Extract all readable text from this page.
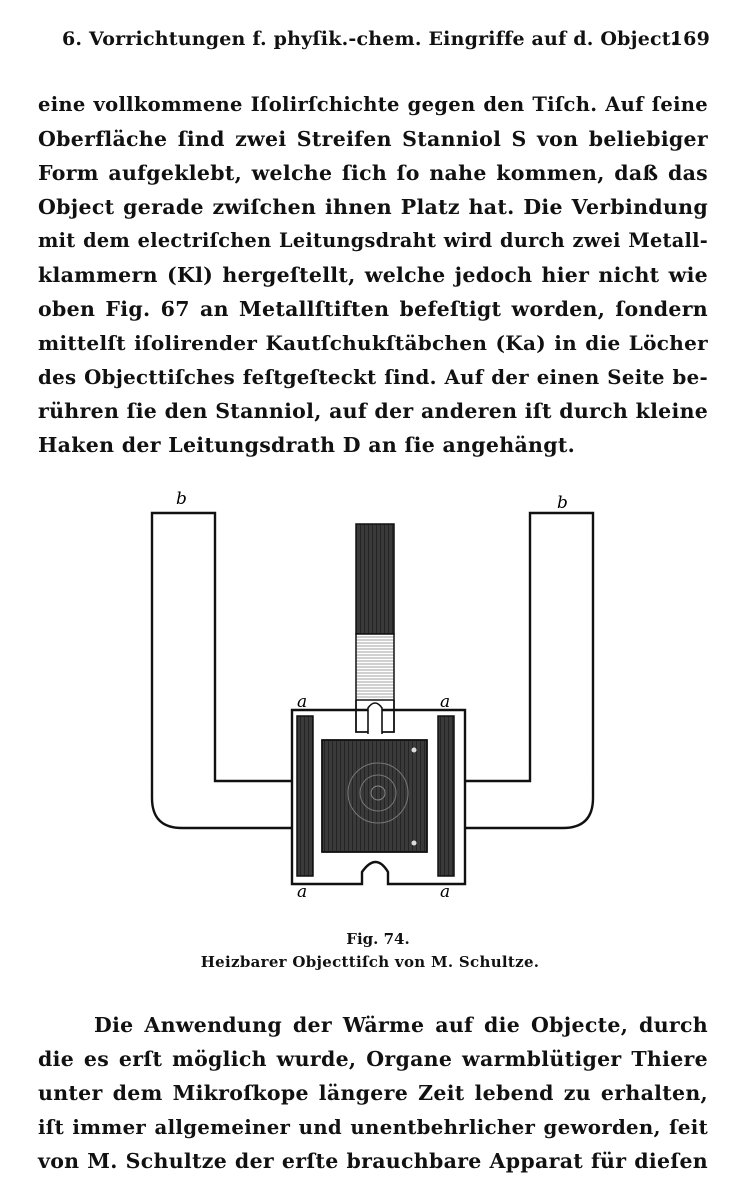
6. Vorrichtungen f. phyſik.-chem. Eingriffe auf d. Object.
169
eine vollkommene Iſolirſchichte gegen den Tiſch. Auf ſeine
Oberfläche ſind zwei Streifen Stanniol S von beliebiger
Form aufgeklebt, welche ſich ſo nahe kommen, daß das
Object gerade zwiſchen ihnen Platz hat. Die Verbindung
mit dem electriſchen Leitungsdraht wird durch zwei Metall-
klammern (Kl) hergeſtellt, welche jedoch hier nicht wie
oben Fig. 67 an Metallſtiften befeſtigt worden, ſondern
mittelſt iſolirender Kautſchukſtäbchen (Ka) in die Löcher
des Objecttiſches feſtgeſteckt ſind. Auf der einen Seite be-
rühren ſie den Stanniol, auf der anderen iſt durch kleine
Haken der Leitungsdrath D an ſie angehängt.
b	b
a	a
a	a
Fig. 74.
Heizbarer Objecttiſch von M. Schultze.
Die Anwendung der Wärme auf die Objecte, durch
die es erſt möglich wurde, Organe warmblütiger Thiere
unter dem Mikroſkope längere Zeit lebend zu erhalten,
iſt immer allgemeiner und unentbehrlicher geworden, ſeit
von M. Schultze der erſte brauchbare Apparat für dieſen
